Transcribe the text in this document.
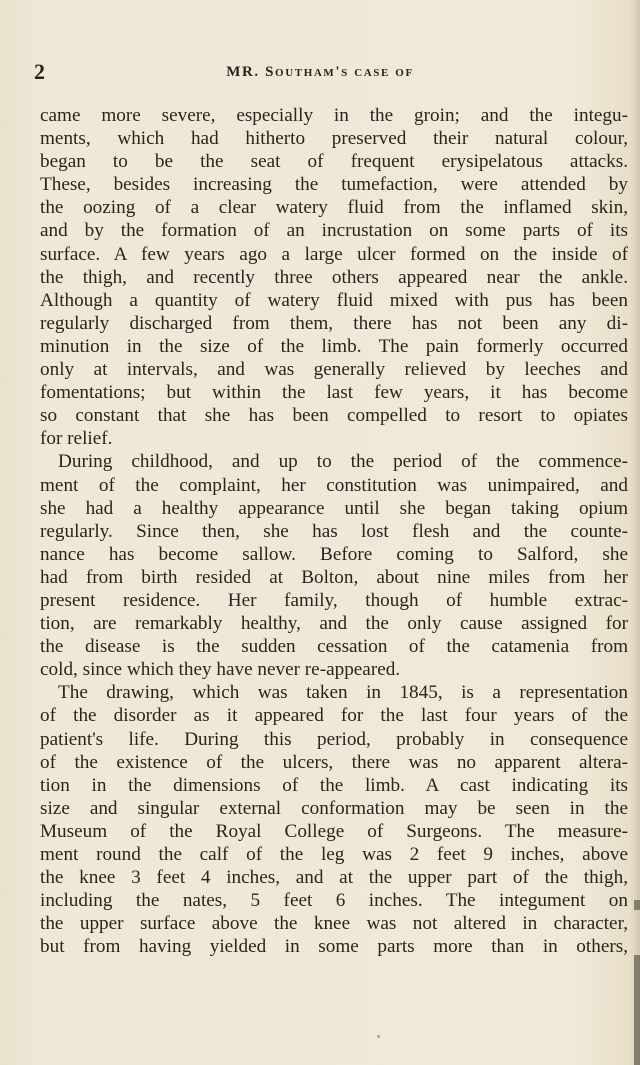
2	MR. Southam's case of
came more severe, especially in the groin; and the integu-
ments, which had hitherto preserved their natural colour,
began to be the seat of frequent erysipelatous attacks.
These, besides increasing the tumefaction, were attended by
the oozing of a clear watery fluid from the inflamed skin,
and by the formation of an incrustation on some parts of its
surface. A few years ago a large ulcer formed on the inside of
the thigh, and recently three others appeared near the ankle.
Although a quantity of watery fluid mixed with pus has been
regularly discharged from them, there has not been any di-
minution in the size of the limb. The pain formerly occurred
only at intervals, and was generally relieved by leeches and
fomentations; but within the last few years, it has become
so constant that she has been compelled to resort to opiates
for relief.
During childhood, and up to the period of the commence-
ment of the complaint, her constitution was unimpaired, and
she had a healthy appearance until she began taking opium
regularly. Since then, she has lost flesh and the counte-
nance has become sallow. Before coming to Salford, she
had from birth resided at Bolton, about nine miles from her
present residence. Her family, though of humble extrac-
tion, are remarkably healthy, and the only cause assigned for
the disease is the sudden cessation of the catamenia from
cold, since which they have never re-appeared.
The drawing, which was taken in 1845, is a representation
of the disorder as it appeared for the last four years of the
patient's life. During this period, probably in consequence
of the existence of the ulcers, there was no apparent altera-
tion in the dimensions of the limb. A cast indicating its
size and singular external conformation may be seen in the
Museum of the Royal College of Surgeons. The measure-
ment round the calf of the leg was 2 feet 9 inches, above
the knee 3 feet 4 inches, and at the upper part of the thigh,
including the nates, 5 feet 6 inches. The integument on
the upper surface above the knee was not altered in character,
but from having yielded in some parts more than in others,
